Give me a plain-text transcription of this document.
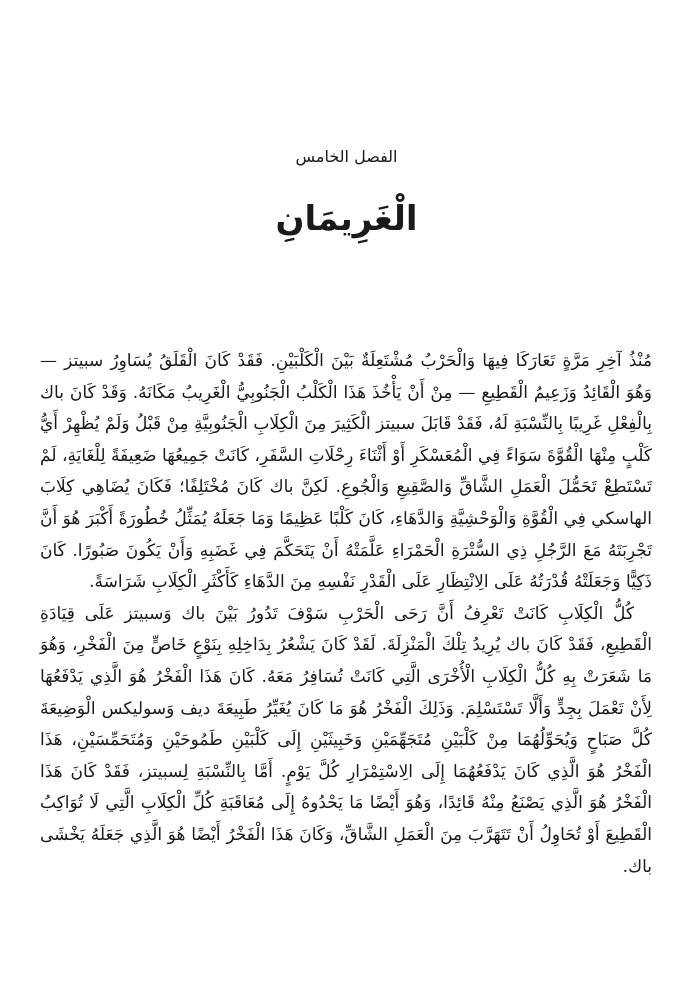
الفصل الخامس
الْغَرِيمَانِ

مُنْذُ آخِرِ مَرَّةٍ تَعَارَكَا فِيهَا وَالْحَرْبُ مُشْتَعِلَةٌ بَيْنَ الْكَلْبَيْنِ. فَقَدْ كَانَ الْقَلَقُ يُسَاوِرُ سبيتز — وَهُوَ الْقَائِدُ وَزَعِيمُ الْقَطِيعِ — مِنْ أَنْ يَأْخُذَ هَذَا الْكَلْبُ الْجَنُوبِيُّ الْغَرِيبُ مَكَانَهُ. وَقَدْ كَانَ باك بِالْفِعْلِ غَرِيبًا بِالنِّسْبَةِ لَهُ، فَقَدْ قَابَلَ سبيتز الْكَثِيرَ مِنَ الْكِلَابِ الْجَنُوبِيَّةِ مِنْ قَبْلُ وَلَمْ يُظْهِرْ أَيُّ كَلْبٍ مِنْهَا الْقُوَّةَ سَوَاءً فِي الْمُعَسْكَرِ أَوْ أَثْنَاءَ رِحْلَاتِ السَّفَرِ، كَانَتْ جَمِيعُهَا ضَعِيفَةً لِلْغَايَةِ، لَمْ تَسْتَطِعْ تَحَمُّلَ الْعَمَلِ الشَّاقِّ وَالصَّقِيعِ وَالْجُوعِ. لَكِنَّ باك كَانَ مُخْتَلِفًا؛ فَكَانَ يُضَاهِي كِلَابَ الهاسكي فِي الْقُوَّةِ وَالْوَحْشِيَّةِ وَالدَّهَاءِ، كَانَ كَلْبًا عَظِيمًا وَمَا جَعَلَهُ يُمَثِّلُ خُطُورَةً أَكْبَرَ هُوَ أَنَّ تَجْرِبَتَهُ مَعَ الرَّجُلِ ذِي السُّتْرَةِ الْحَمْرَاءِ عَلَّمَتْهُ أَنْ يَتَحَكَّمَ فِي غَضَبِهِ وَأَنْ يَكُونَ صَبُورًا. كَانَ ذَكِيًّا وَجَعَلَتْهُ قُدْرَتُهُ عَلَى الِانْتِظَارِ عَلَى الْقَدْرِ نَفْسِهِ مِنَ الدَّهَاءِ كَأَكْثَرِ الْكِلَابِ شَرَاسَةً.

كُلُّ الْكِلَابِ كَانَتْ تَعْرِفُ أَنَّ رَحَى الْحَرْبِ سَوْفَ تَدُورُ بَيْنَ باك وَسبيتز عَلَى قِيَادَةِ الْقَطِيعِ، فَقَدْ كَانَ باك يُرِيدُ تِلْكَ الْمَنْزِلَةَ. لَقَدْ كَانَ يَشْعُرُ بِدَاخِلِهِ بِنَوْعٍ خَاصٍّ مِنَ الْفَخْرِ، وَهُوَ مَا شَعَرَتْ بِهِ كُلُّ الْكِلَابِ الْأُخْرَى الَّتِي كَانَتْ تُسَافِرُ مَعَهُ. كَانَ هَذَا الْفَخْرُ هُوَ الَّذِي يَدْفَعُهَا لِأَنْ تَعْمَلَ بِجِدٍّ وَأَلَّا تَسْتَسْلِمَ. وَذَلِكَ الْفَخْرُ هُوَ مَا كَانَ يُغَيِّرُ طَبِيعَةَ ديف وَسوليكس الْوَضِيعَةَ كُلَّ صَبَاحٍ وَيُحَوِّلُهُمَا مِنْ كَلْبَيْنِ مُتَجَهِّمَيْنِ وَخَبِيثَيْنِ إِلَى كَلْبَيْنِ طَمُوحَيْنِ وَمُتَحَمِّسَيْنِ، هَذَا الْفَخْرُ هُوَ الَّذِي كَانَ يَدْفَعُهُمَا إِلَى الِاسْتِمْرَارِ كُلَّ يَوْمٍ. أَمَّا بِالنِّسْبَةِ لِسبيتز، فَقَدْ كَانَ هَذَا الْفَخْرُ هُوَ الَّذِي يَصْنَعُ مِنْهُ قَائِدًا، وَهُوَ أَيْضًا مَا يَحْدُوهُ إِلَى مُعَاقَبَةِ كُلِّ الْكِلَابِ الَّتِي لَا تُوَاكِبُ الْقَطِيعَ أَوْ تُحَاوِلُ أَنْ تَتَهَرَّبَ مِنَ الْعَمَلِ الشَّاقِّ، وَكَانَ هَذَا الْفَخْرُ أَيْضًا هُوَ الَّذِي جَعَلَهُ يَخْشَى باك.
